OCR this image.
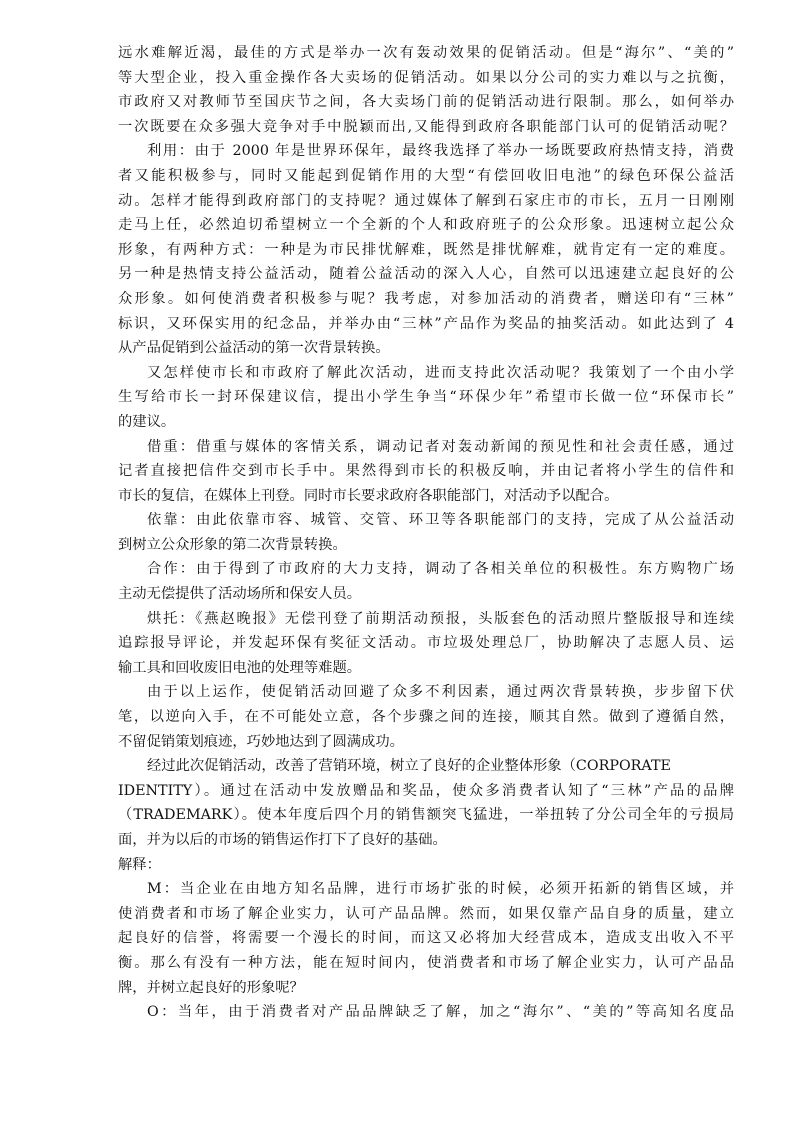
远水难解近渴，最佳的方式是举办一次有轰动效果的促销活动。但是“海尔”、“美的”
等大型企业，投入重金操作各大卖场的促销活动。如果以分公司的实力难以与之抗衡，
市政府又对教师节至国庆节之间，各大卖场门前的促销活动进行限制。那么，如何举办
一次既要在众多强大竞争对手中脱颖而出,又能得到政府各职能部门认可的促销活动呢？
利用：由于 2000 年是世界环保年，最终我选择了举办一场既要政府热情支持，消费
者又能积极参与，同时又能起到促销作用的大型“有偿回收旧电池”的绿色环保公益活
动。怎样才能得到政府部门的支持呢？通过媒体了解到石家庄市的市长，五月一日刚刚
走马上任，必然迫切希望树立一个全新的个人和政府班子的公众形象。迅速树立起公众
形象，有两种方式：一种是为市民排忧解难，既然是排忧解难，就肯定有一定的难度。
另一种是热情支持公益活动，随着公益活动的深入人心，自然可以迅速建立起良好的公
众形象。如何使消费者积极参与呢？我考虑，对参加活动的消费者，赠送印有“三林”
标识，又环保实用的纪念品，并举办由“三林”产品作为奖品的抽奖活动。如此达到了 4
从产品促销到公益活动的第一次背景转换。
又怎样使市长和市政府了解此次活动，进而支持此次活动呢？我策划了一个由小学
生写给市长一封环保建议信，提出小学生争当“环保少年”希望市长做一位“环保市长”
的建议。
借重：借重与媒体的客情关系，调动记者对轰动新闻的预见性和社会责任感，通过
记者直接把信件交到市长手中。果然得到市长的积极反响，并由记者将小学生的信件和
市长的复信，在媒体上刊登。同时市长要求政府各职能部门，对活动予以配合。
依靠：由此依靠市容、城管、交管、环卫等各职能部门的支持，完成了从公益活动
到树立公众形象的第二次背景转换。
合作：由于得到了市政府的大力支持，调动了各相关单位的积极性。东方购物广场
主动无偿提供了活动场所和保安人员。
烘托：《燕赵晚报》无偿刊登了前期活动预报，头版套色的活动照片整版报导和连续
追踪报导评论，并发起环保有奖征文活动。市垃圾处理总厂，协助解决了志愿人员、运
输工具和回收废旧电池的处理等难题。
由于以上运作，使促销活动回避了众多不利因素，通过两次背景转换，步步留下伏
笔，以逆向入手，在不可能处立意，各个步骤之间的连接，顺其自然。做到了遵循自然，
不留促销策划痕迹，巧妙地达到了圆满成功。
经过此次促销活动，改善了营销环境，树立了良好的企业整体形象（CORPORATE
IDENTITY）。通过在活动中发放赠品和奖品，使众多消费者认知了“三林”产品的品牌
（TRADEMARK）。使本年度后四个月的销售额突飞猛进，一举扭转了分公司全年的亏损局
面，并为以后的市场的销售运作打下了良好的基础。
解释：
M：当企业在由地方知名品牌，进行市场扩张的时候，必须开拓新的销售区域，并
使消费者和市场了解企业实力，认可产品品牌。然而，如果仅靠产品自身的质量，建立
起良好的信誉，将需要一个漫长的时间，而这又必将加大经营成本，造成支出收入不平
衡。那么有没有一种方法，能在短时间内，使消费者和市场了解企业实力，认可产品品
牌，并树立起良好的形象呢？
O：当年，由于消费者对产品品牌缺乏了解，加之“海尔”、“美的”等高知名度品
